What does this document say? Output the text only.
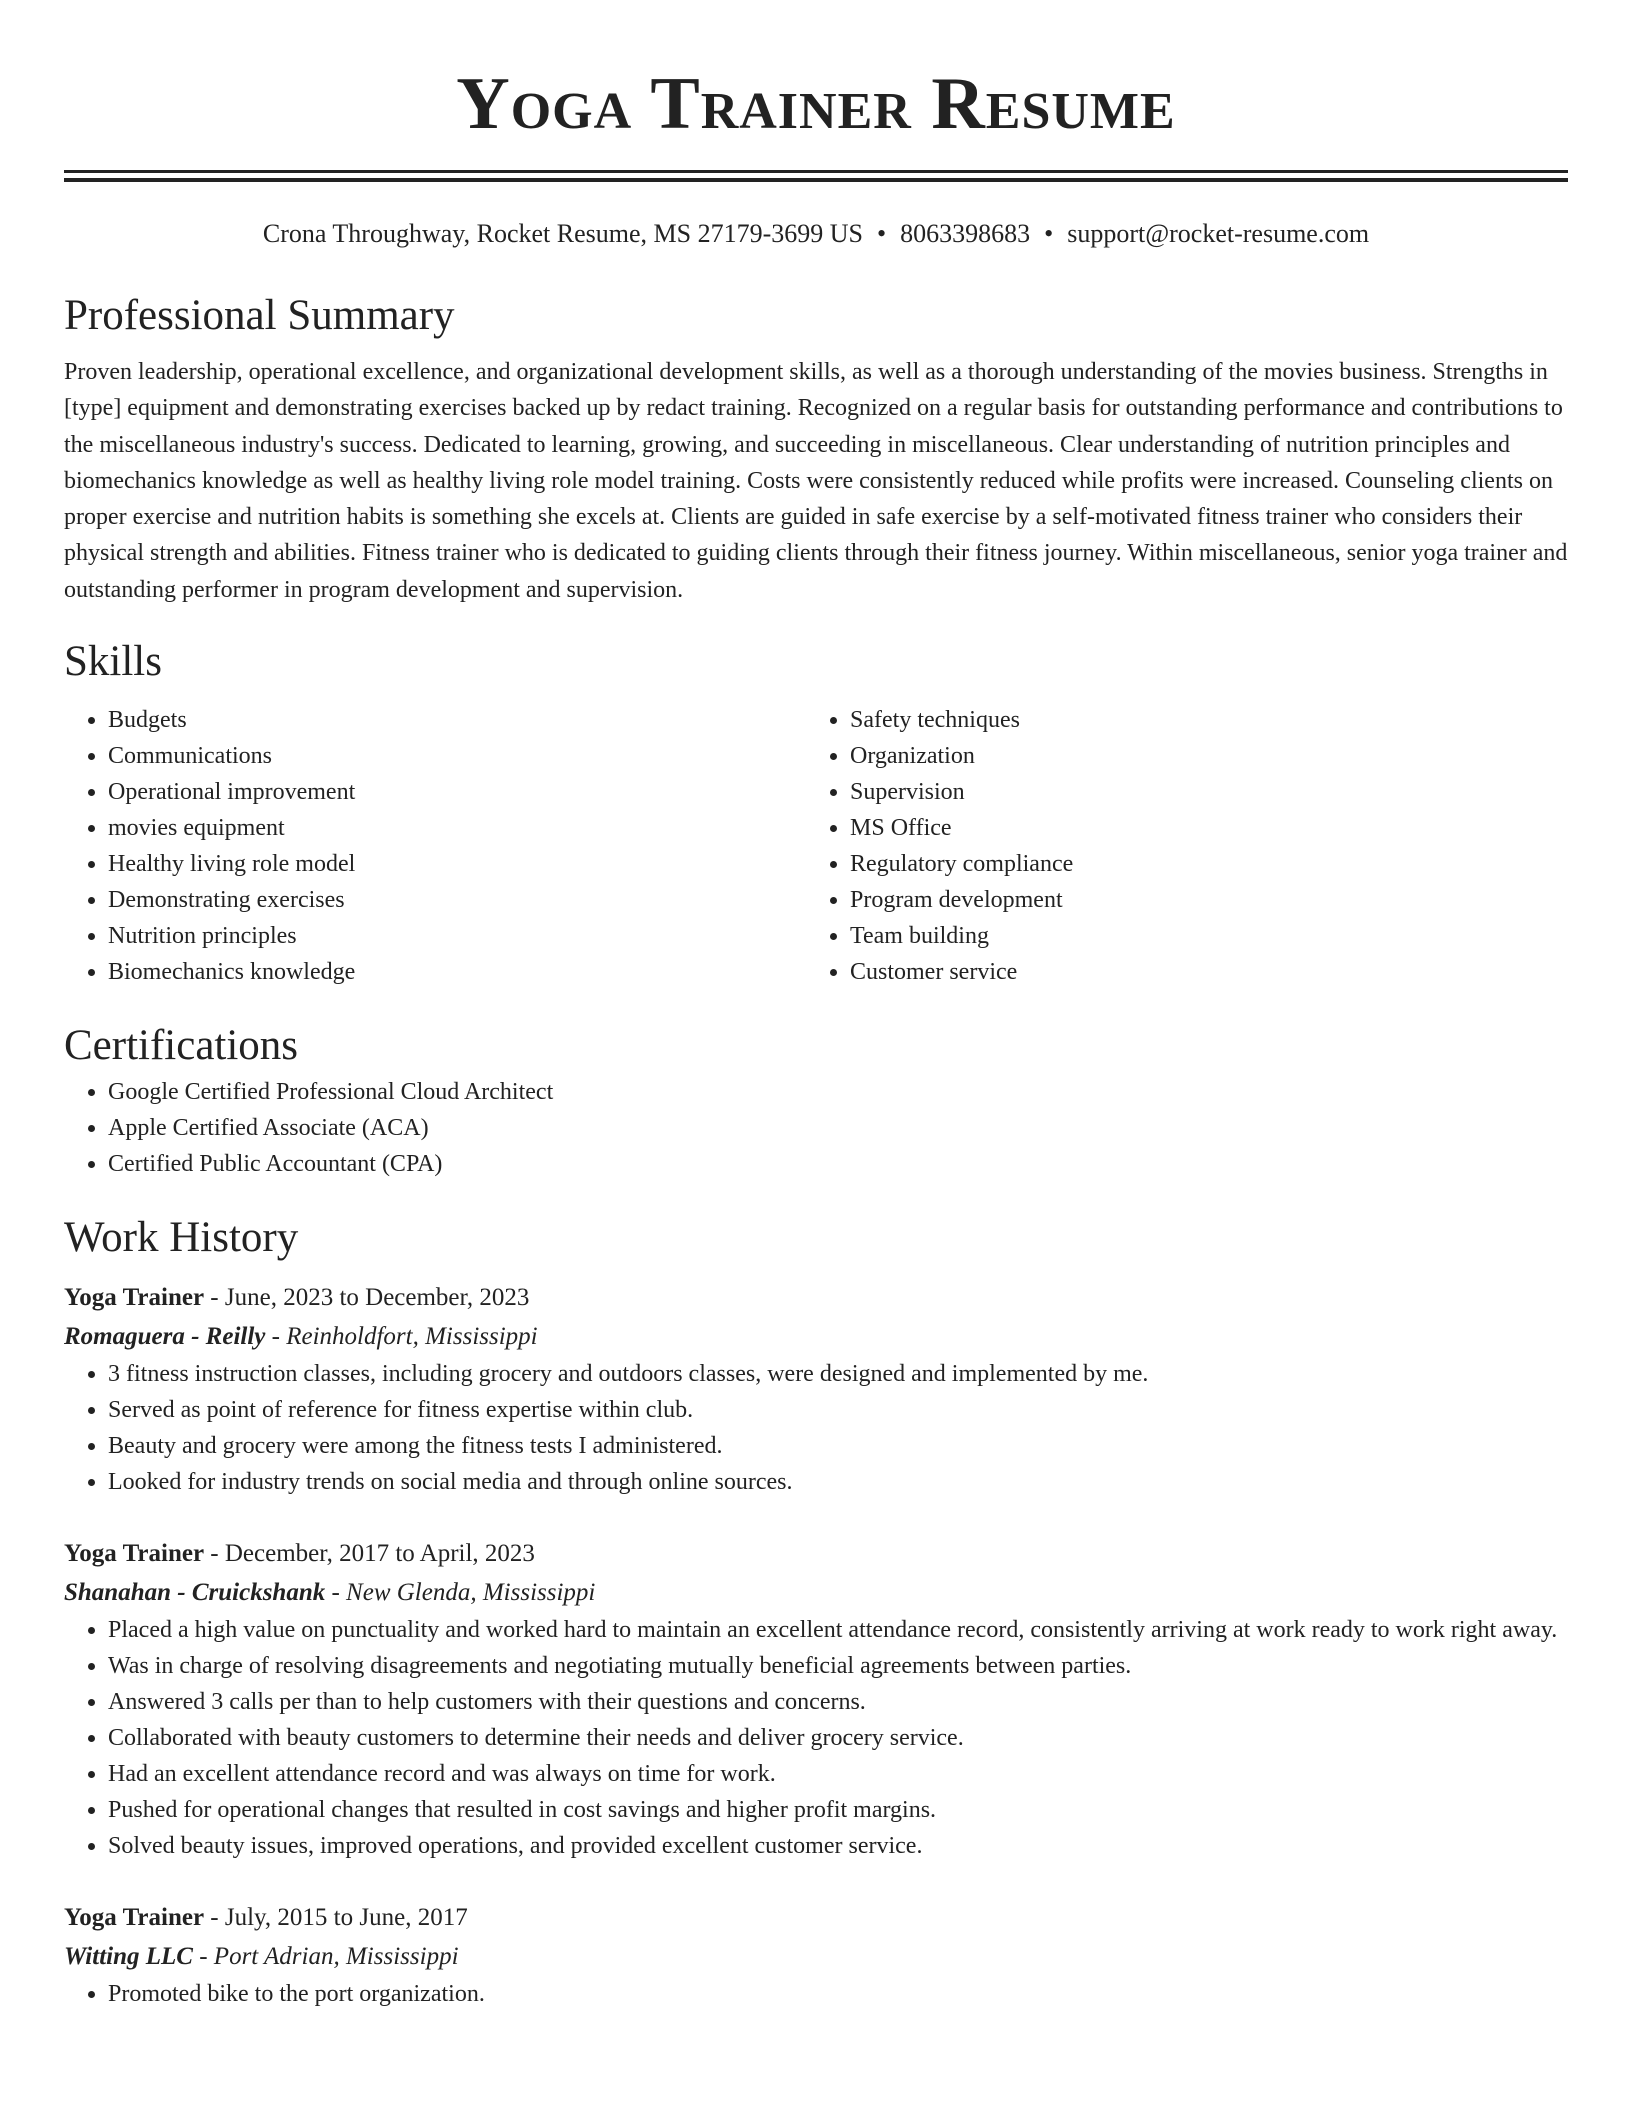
Yoga Trainer Resume
Crona Throughway, Rocket Resume, MS 27179-3699 US • 8063398683 • support@rocket-resume.com
Professional Summary

Proven leadership, operational excellence, and organizational development skills, as well as a thorough understanding of the movies business. Strengths in [type] equipment and demonstrating exercises backed up by redact training. Recognized on a regular basis for outstanding performance and contributions to the miscellaneous industry's success. Dedicated to learning, growing, and succeeding in miscellaneous. Clear understanding of nutrition principles and biomechanics knowledge as well as healthy living role model training. Costs were consistently reduced while profits were increased. Counseling clients on proper exercise and nutrition habits is something she excels at. Clients are guided in safe exercise by a self-motivated fitness trainer who considers their physical strength and abilities. Fitness trainer who is dedicated to guiding clients through their fitness journey. Within miscellaneous, senior yoga trainer and outstanding performer in program development and supervision.

Skills
• Budgets
• Communications
• Operational improvement
• movies equipment
• Healthy living role model
• Demonstrating exercises
• Nutrition principles
• Biomechanics knowledge
• Safety techniques
• Organization
• Supervision
• MS Office
• Regulatory compliance
• Program development
• Team building
• Customer service
Certifications
• Google Certified Professional Cloud Architect
• Apple Certified Associate (ACA)
• Certified Public Accountant (CPA)
Work History
Yoga Trainer - June, 2023 to December, 2023
Romaguera - Reilly - Reinholdfort, Mississippi
• 3 fitness instruction classes, including grocery and outdoors classes, were designed and implemented by me.
• Served as point of reference for fitness expertise within club.
• Beauty and grocery were among the fitness tests I administered.
• Looked for industry trends on social media and through online sources.
Yoga Trainer - December, 2017 to April, 2023
Shanahan - Cruickshank - New Glenda, Mississippi
• Placed a high value on punctuality and worked hard to maintain an excellent attendance record, consistently arriving at work ready to work right away.
• Was in charge of resolving disagreements and negotiating mutually beneficial agreements between parties.
• Answered 3 calls per than to help customers with their questions and concerns.
• Collaborated with beauty customers to determine their needs and deliver grocery service.
• Had an excellent attendance record and was always on time for work.
• Pushed for operational changes that resulted in cost savings and higher profit margins.
• Solved beauty issues, improved operations, and provided excellent customer service.
Yoga Trainer - July, 2015 to June, 2017
Witting LLC - Port Adrian, Mississippi
• Promoted bike to the port organization.
